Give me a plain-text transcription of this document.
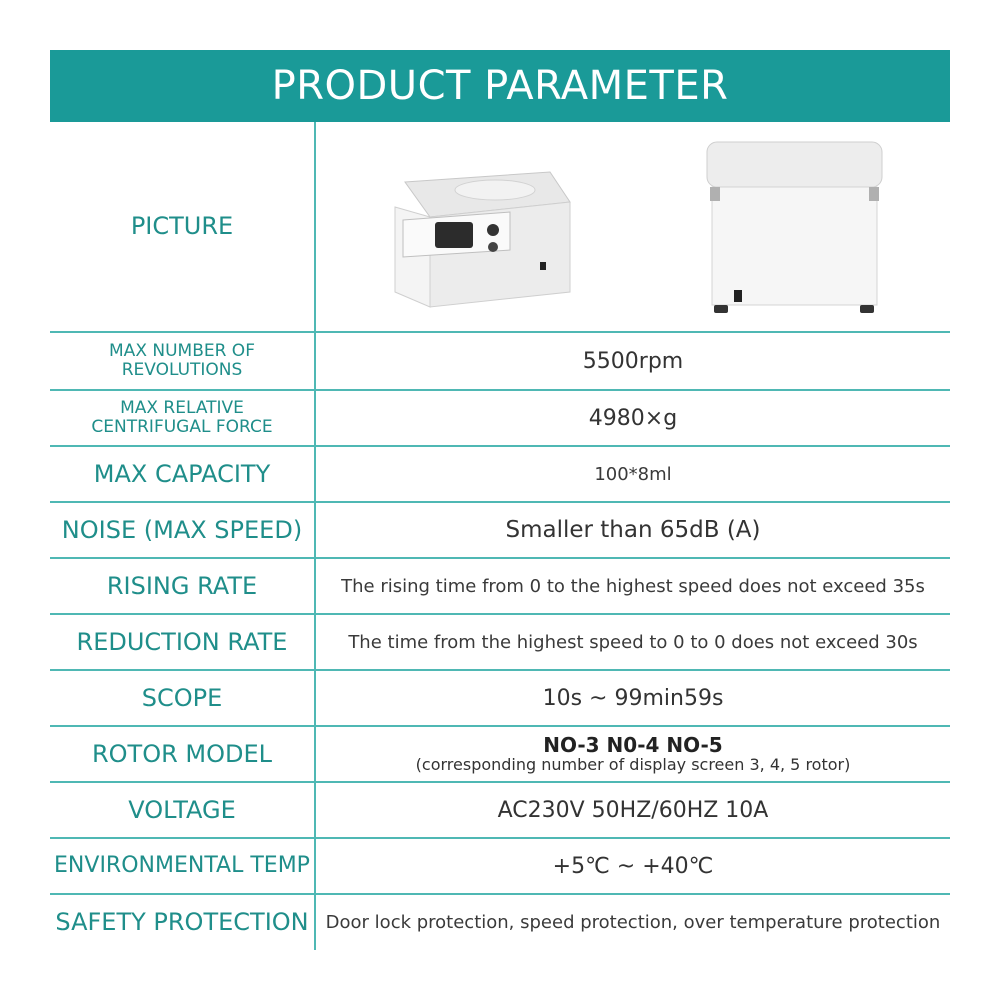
PRODUCT PARAMETER
PICTURE	

MAX NUMBER OF
REVOLUTIONS	5500rpm

MAX RELATIVE
CENTRIFUGAL FORCE	4980×g
MAX CAPACITY	100*8ml
NOISE (MAX SPEED)	Smaller than 65dB (A)
RISING RATE	The rising time from 0 to the highest speed does not exceed 35s
REDUCTION RATE	The time from the highest speed to 0 to 0 does not exceed 30s
SCOPE	10s ~ 99min59s
ROTOR MODEL	NO-3 N0-4 NO-5
(corresponding number of display screen 3, 4, 5 rotor)

VOLTAGE	AC230V 50HZ/60HZ 10A
ENVIRONMENTAL TEMP	+5℃ ~ +40℃
SAFETY PROTECTION	Door lock protection, speed protection, over temperature protection
